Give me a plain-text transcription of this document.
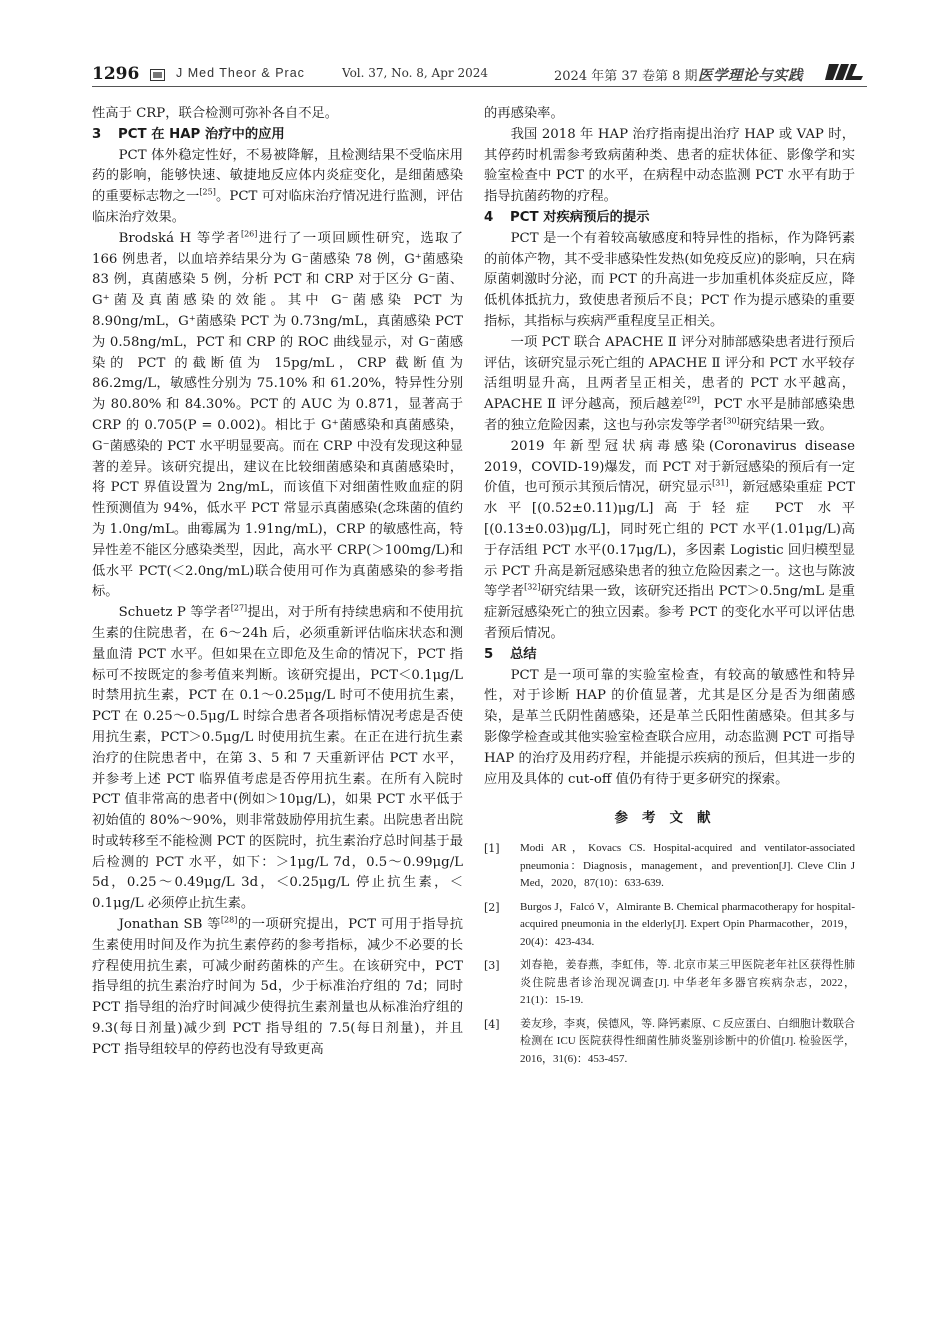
1296	J Med Theor & Prac	Vol. 37, No. 8, Apr 2024	2024 年第 37 卷第 8 期 医学理论与实践

性高于 CRP，联合检测可弥补各自不足。

3 PCT 在 HAP 治疗中的应用

PCT 体外稳定性好，不易被降解，且检测结果不受临床用药的影响，能够快速、敏捷地反应体内炎症变化，是细菌感染的重要标志物之一[25]。PCT 可对临床治疗情况进行监测，评估临床治疗效果。

Brodská H 等学者[26]进行了一项回顾性研究，选取了 166 例患者，以血培养结果分为 G⁻菌感染 78 例，G⁺菌感染 83 例，真菌感染 5 例，分析 PCT 和 CRP 对于区分 G⁻菌、G⁺菌及真菌感染的效能。其中 G⁻菌感染 PCT 为 8.90ng/mL，G⁺菌感染 PCT 为 0.73ng/mL，真菌感染 PCT 为 0.58ng/mL，PCT 和 CRP 的 ROC 曲线显示，对 G⁻菌感染的 PCT 的截断值为 15pg/mL，CRP 截断值为 86.2mg/L，敏感性分别为 75.10% 和 61.20%，特异性分别为 80.80% 和 84.30%。PCT 的 AUC 为 0.871，显著高于 CRP 的 0.705(P = 0.002)。相比于 G⁺菌感染和真菌感染，G⁻菌感染的 PCT 水平明显要高。而在 CRP 中没有发现这种显著的差异。该研究提出，建议在比较细菌感染和真菌感染时，将 PCT 界值设置为 2ng/mL，而该值下对细菌性败血症的阴性预测值为 94%，低水平 PCT 常显示真菌感染(念珠菌的值约为 1.0ng/mL。曲霉属为 1.91ng/mL)，CRP 的敏感性高，特异性差不能区分感染类型，因此，高水平 CRP(＞100mg/L)和低水平 PCT(＜2.0ng/mL)联合使用可作为真菌感染的参考指标。

Schuetz P 等学者[27]提出，对于所有持续患病和不使用抗生素的住院患者，在 6～24h 后，必须重新评估临床状态和测量血清 PCT 水平。但如果在立即危及生命的情况下，PCT 指标可不按既定的参考值来判断。该研究提出，PCT＜0.1μg/L 时禁用抗生素，PCT 在 0.1～0.25μg/L 时可不使用抗生素，PCT 在 0.25～0.5μg/L 时综合患者各项指标情况考虑是否使用抗生素，PCT＞0.5μg/L 时使用抗生素。在正在进行抗生素治疗的住院患者中，在第 3、5 和 7 天重新评估 PCT 水平，并参考上述 PCT 临界值考虑是否停用抗生素。在所有入院时 PCT 值非常高的患者中(例如＞10μg/L)，如果 PCT 水平低于初始值的 80%～90%，则非常鼓励停用抗生素。出院患者出院时或转移至不能检测 PCT 的医院时，抗生素治疗总时间基于最后检测的 PCT 水平，如下：＞1μg/L 7d，0.5～0.99μg/L 5d，0.25～0.49μg/L 3d，＜0.25μg/L 停止抗生素，＜0.1μg/L 必须停止抗生素。

Jonathan SB 等[28]的一项研究提出，PCT 可用于指导抗生素使用时间及作为抗生素停药的参考指标，减少不必要的长疗程使用抗生素，可减少耐药菌株的产生。在该研究中，PCT 指导组的抗生素治疗时间为 5d，少于标准治疗组的 7d；同时 PCT 指导组的治疗时间减少使得抗生素剂量也从标准治疗组的 9.3(每日剂量)减少到 PCT 指导组的 7.5(每日剂量)，并且 PCT 指导组较早的停药也没有导致更高

的再感染率。

我国 2018 年 HAP 治疗指南提出治疗 HAP 或 VAP 时，其停药时机需参考致病菌种类、患者的症状体征、影像学和实验室检查中 PCT 的水平，在病程中动态监测 PCT 水平有助于指导抗菌药物的疗程。

4 PCT 对疾病预后的提示

PCT 是一个有着较高敏感度和特异性的指标，作为降钙素的前体产物，其不受非感染性发热(如免疫反应)的影响，只在病原菌刺激时分泌，而 PCT 的升高进一步加重机体炎症反应，降低机体抵抗力，致使患者预后不良；PCT 作为提示感染的重要指标，其指标与疾病严重程度呈正相关。

一项 PCT 联合 APACHE Ⅱ 评分对肺部感染患者进行预后评估，该研究显示死亡组的 APACHE Ⅱ 评分和 PCT 水平较存活组明显升高，且两者呈正相关，患者的 PCT 水平越高，APACHE Ⅱ 评分越高，预后越差[29]，PCT 水平是肺部感染患者的独立危险因素，这也与孙宗发等学者[30]研究结果一致。

2019 年新型冠状病毒感染(Coronavirus disease 2019，COVID-19)爆发，而 PCT 对于新冠感染的预后有一定价值，也可预示其预后情况，研究显示[31]，新冠感染重症 PCT 水平[(0.52±0.11)μg/L]高于轻症 PCT 水平[(0.13±0.03)μg/L]，同时死亡组的 PCT 水平(1.01μg/L)高于存活组 PCT 水平(0.17μg/L)，多因素 Logistic 回归模型显示 PCT 升高是新冠感染患者的独立危险因素之一。这也与陈波等学者[32]研究结果一致，该研究还指出 PCT＞0.5ng/mL 是重症新冠感染死亡的独立因素。参考 PCT 的变化水平可以评估患者预后情况。

5 总结

PCT 是一项可靠的实验室检查，有较高的敏感性和特异性，对于诊断 HAP 的价值显著，尤其是区分是否为细菌感染，是革兰氏阴性菌感染，还是革兰氏阳性菌感染。但其多与影像学检查或其他实验室检查联合应用，动态监测 PCT 可指导 HAP 的治疗及用药疗程，并能提示疾病的预后，但其进一步的应用及具体的 cut-off 值仍有待于更多研究的探索。

参考文献
[1]	Modi AR，Kovacs CS. Hospital-acquired and ventilator-associated pneumonia：Diagnosis，management，and prevention[J]. Cleve Clin J Med，2020，87(10)：633-639.
[2]	Burgos J，Falcó V，Almirante B. Chemical pharmacotherapy for hospital-acquired pneumonia in the elderly[J]. Expert Opin Pharmacother，2019，20(4)：423-434.
[3]	刘春艳，姜春燕，李虹伟，等. 北京市某三甲医院老年社区获得性肺炎住院患者诊治现况调查[J]. 中华老年多器官疾病杂志，2022，21(1)：15-19.
[4]	姜友珍，李爽，侯德风，等. 降钙素原、C 反应蛋白、白细胞计数联合检测在 ICU 医院获得性细菌性肺炎鉴别诊断中的价值[J]. 检验医学，2016，31(6)：453-457.
